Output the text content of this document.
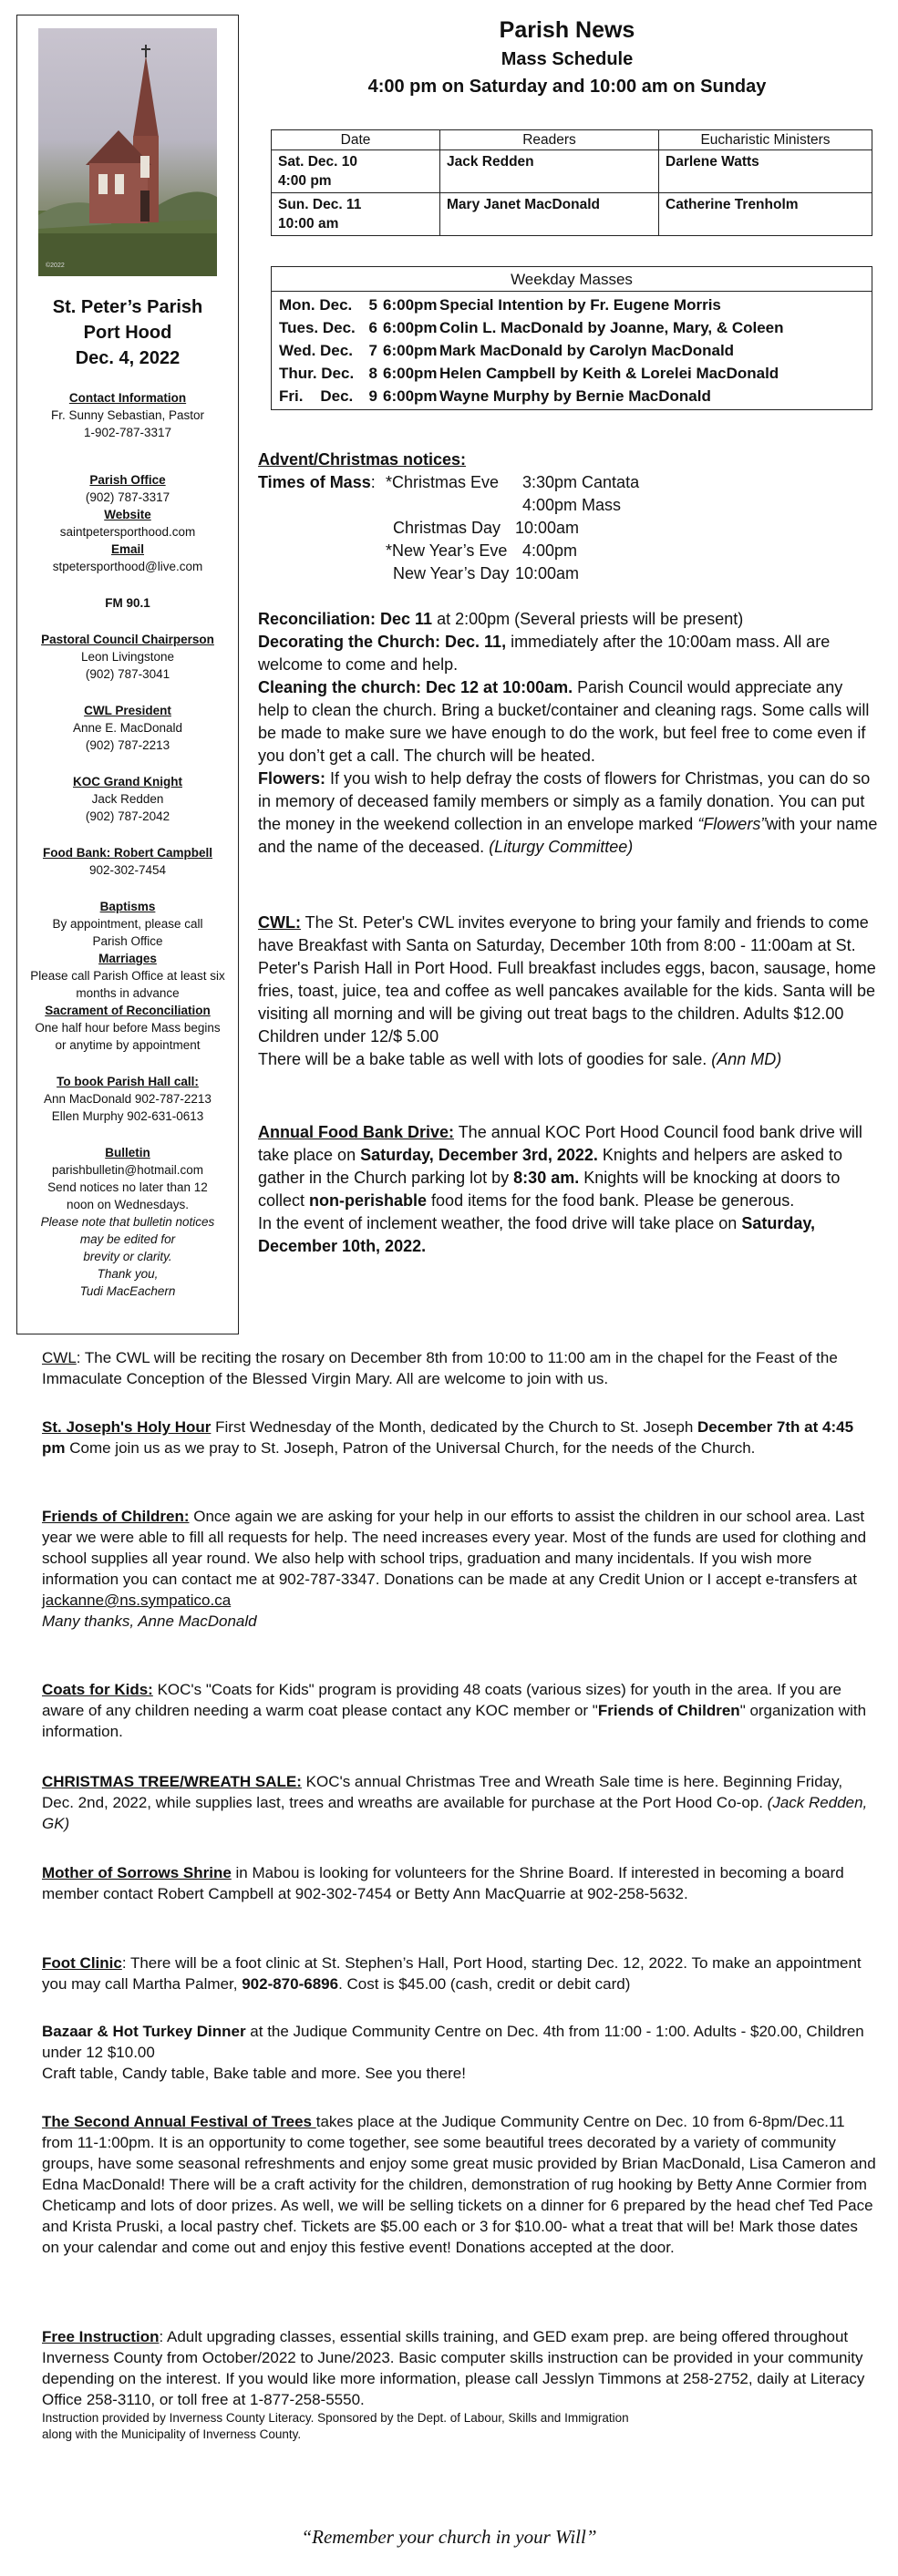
©2022
St. Peter’s Parish
Port Hood
Dec. 4, 2022
Contact Information
Fr. Sunny Sebastian, Pastor
1-902-787-3317
Parish Office
(902) 787-3317
Website
saintpetersporthood.com
Email
stpetersporthood@live.com
FM 90.1
Pastoral Council Chairperson
Leon Livingstone
(902) 787-3041
CWL President
Anne E. MacDonald
(902) 787-2213
KOC Grand Knight
Jack Redden
(902) 787-2042
Food Bank: Robert Campbell
902-302-7454
Baptisms
By appointment, please call
Parish Office
Marriages
Please call Parish Office at least six
months in advance
Sacrament of Reconciliation
One half hour before Mass begins
or anytime by appointment
To book Parish Hall call:
Ann MacDonald 902-787-2213
Ellen Murphy 902-631-0613
Bulletin
parishbulletin@hotmail.com
Send notices no later than 12
noon on Wednesdays.
Please note that bulletin notices
may be edited for
brevity or clarity.
Thank you,
Tudi MacEachern
Parish News
Mass Schedule
4:00 pm on Saturday and 10:00 am on Sunday
Date	Readers	Eucharistic Ministers

Sat. Dec. 10
4:00 pm	Jack Redden	Darlene Watts

Sun. Dec. 11
10:00 am	Mary Janet MacDonald	Catherine Trenholm
Weekday Masses
Mon. Dec. 5 6:00pm Special Intention by Fr. Eugene Morris
Tues. Dec. 6 6:00pm Colin L. MacDonald by Joanne, Mary, & Coleen
Wed. Dec. 7 6:00pm Mark MacDonald by Carolyn MacDonald
Thur. Dec. 8 6:00pm Helen Campbell by Keith & Lorelei MacDonald
Fri.    Dec. 9 6:00pm Wayne Murphy by Bernie MacDonald
Advent/Christmas notices:
Times of Mass: *Christmas Eve 3:30pm Cantata
4:00pm Mass
Christmas Day 10:00am
*New Year’s Eve 4:00pm
New Year’s Day 10:00am

Reconciliation: Dec 11 at 2:00pm (Several priests will be present)

Decorating the Church: Dec. 11, immediately after the 10:00am mass. All are welcome to come and help.

Cleaning the church: Dec 12 at 10:00am. Parish Council would appreciate any help to clean the church. Bring a bucket/container and cleaning rags. Some calls will be made to make sure we have enough to do the work, but feel free to come even if you don’t get a call. The church will be heated.

Flowers: If you wish to help defray the costs of flowers for Christmas, you can do so in memory of deceased family members or simply as a family donation. You can put the money in the weekend collection in an envelope marked “Flowers”with your name and the name of the deceased. (Liturgy Committee)

CWL: The St. Peter's CWL invites everyone to bring your family and friends to come have Breakfast with Santa on Saturday, December 10th from 8:00 - 11:00am at St. Peter's Parish Hall in Port Hood. Full breakfast includes eggs, bacon, sausage, home fries, toast, juice, tea and coffee as well pancakes available for the kids. Santa will be visiting all morning and will be giving out treat bags to the children. Adults $12.00 Children under 12/$ 5.00

There will be a bake table as well with lots of goodies for sale. (Ann MD)

Annual Food Bank Drive: The annual KOC Port Hood Council food bank drive will take place on Saturday, December 3rd, 2022. Knights and helpers are asked to gather in the Church parking lot by 8:30 am. Knights will be knocking at doors to collect non-perishable food items for the food bank. Please be generous.

In the event of inclement weather, the food drive will take place on Saturday, December 10th, 2022.

CWL: The CWL will be reciting the rosary on December 8th from 10:00 to 11:00 am in the chapel for the Feast of the Immaculate Conception of the Blessed Virgin Mary. All are welcome to join with us.
St. Joseph's Holy Hour First Wednesday of the Month, dedicated by the Church to St. Joseph December 7th at 4:45 pm Come join us as we pray to St. Joseph, Patron of the Universal Church, for the needs of the Church.
Friends of Children: Once again we are asking for your help in our efforts to assist the children in our school area. Last year we were able to fill all requests for help. The need increases every year. Most of the funds are used for clothing and school supplies all year round. We also help with school trips, graduation and many incidentals. If you wish more information you can contact me at 902-787-3347. Donations can be made at any Credit Union or I accept e-transfers at jackanne@ns.sympatico.ca
Many thanks, Anne MacDonald
Coats for Kids: KOC's "Coats for Kids" program is providing 48 coats (various sizes) for youth in the area. If you are aware of any children needing a warm coat please contact any KOC member or "Friends of Children" organization with information.
CHRISTMAS TREE/WREATH SALE: KOC's annual Christmas Tree and Wreath Sale time is here. Beginning Friday, Dec. 2nd, 2022, while supplies last, trees and wreaths are available for purchase at the Port Hood Co-op. (Jack Redden, GK)
Mother of Sorrows Shrine in Mabou is looking for volunteers for the Shrine Board. If interested in becoming a board member contact Robert Campbell at 902-302-7454 or Betty Ann MacQuarrie at 902-258-5632.
Foot Clinic: There will be a foot clinic at St. Stephen’s Hall, Port Hood, starting Dec. 12, 2022. To make an appointment you may call Martha Palmer, 902-870-6896. Cost is $45.00 (cash, credit or debit card)
Bazaar & Hot Turkey Dinner at the Judique Community Centre on Dec. 4th from 11:00 - 1:00. Adults - $20.00, Children under 12 $10.00
Craft table, Candy table, Bake table and more. See you there!
The Second Annual Festival of Trees takes place at the Judique Community Centre on Dec. 10 from 6-8pm/Dec.11 from 11-1:00pm. It is an opportunity to come together, see some beautiful trees decorated by a variety of community groups, have some seasonal refreshments and enjoy some great music provided by Brian MacDonald, Lisa Cameron and Edna MacDonald! There will be a craft activity for the children, demonstration of rug hooking by Betty Anne Cormier from Cheticamp and lots of door prizes. As well, we will be selling tickets on a dinner for 6 prepared by the head chef Ted Pace and Krista Pruski, a local pastry chef. Tickets are $5.00 each or 3 for $10.00- what a treat that will be! Mark those dates on your calendar and come out and enjoy this festive event! Donations accepted at the door.
Free Instruction: Adult upgrading classes, essential skills training, and GED exam prep. are being offered throughout Inverness County from October/2022 to June/2023. Basic computer skills instruction can be provided in your community depending on the interest. If you would like more information, please call Jesslyn Timmons at 258-2752, daily at Literacy Office 258-3110, or toll free at 1-877-258-5550.
Instruction provided by Inverness County Literacy. Sponsored by the Dept. of Labour, Skills and Immigration
along with the Municipality of Inverness County.
“Remember your church in your Will”
